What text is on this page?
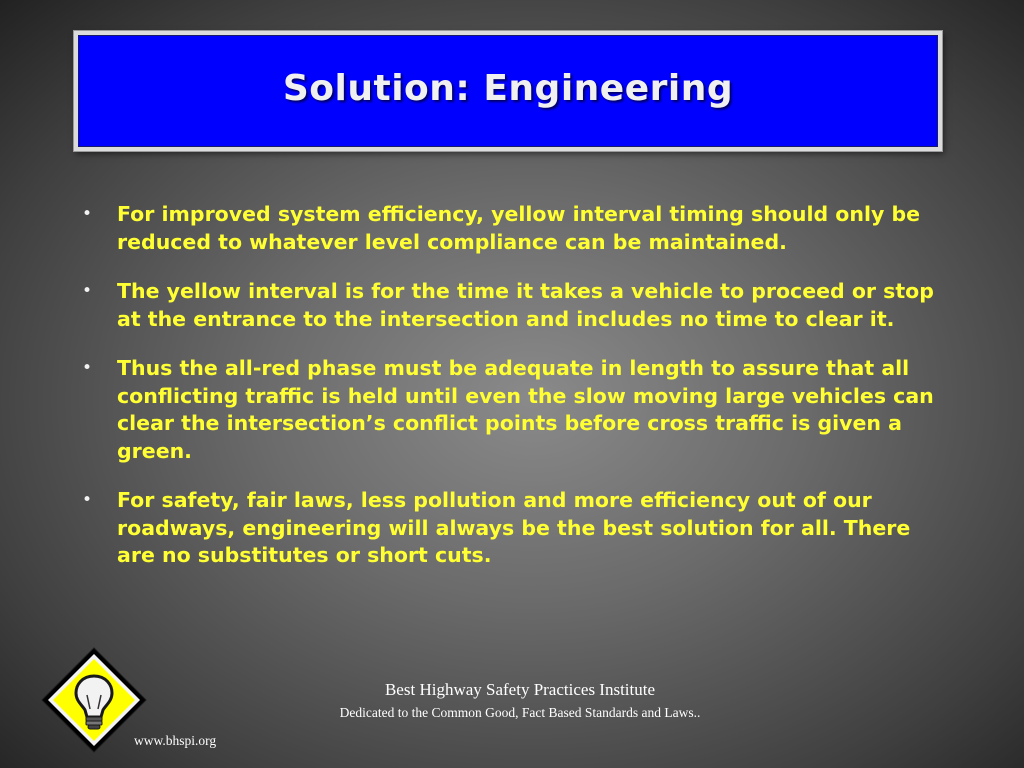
Solution: Engineering
• For improved system efficiency, yellow interval timing should only be reduced to whatever level compliance can be maintained.
• The yellow interval is for the time it takes a vehicle to proceed or stop at the entrance to the intersection and includes no time to clear it.
• Thus the all-red phase must be adequate in length to assure that all conflicting traffic is held until even the slow moving large vehicles can clear the intersection’s conflict points before cross traffic is given a green.
• For safety, fair laws, less pollution and more efficiency out of our roadways, engineering will always be the best solution for all. There are no substitutes or short cuts.
Best Highway Safety Practices Institute
Dedicated to the Common Good, Fact Based Standards and Laws..
www.bhspi.org
